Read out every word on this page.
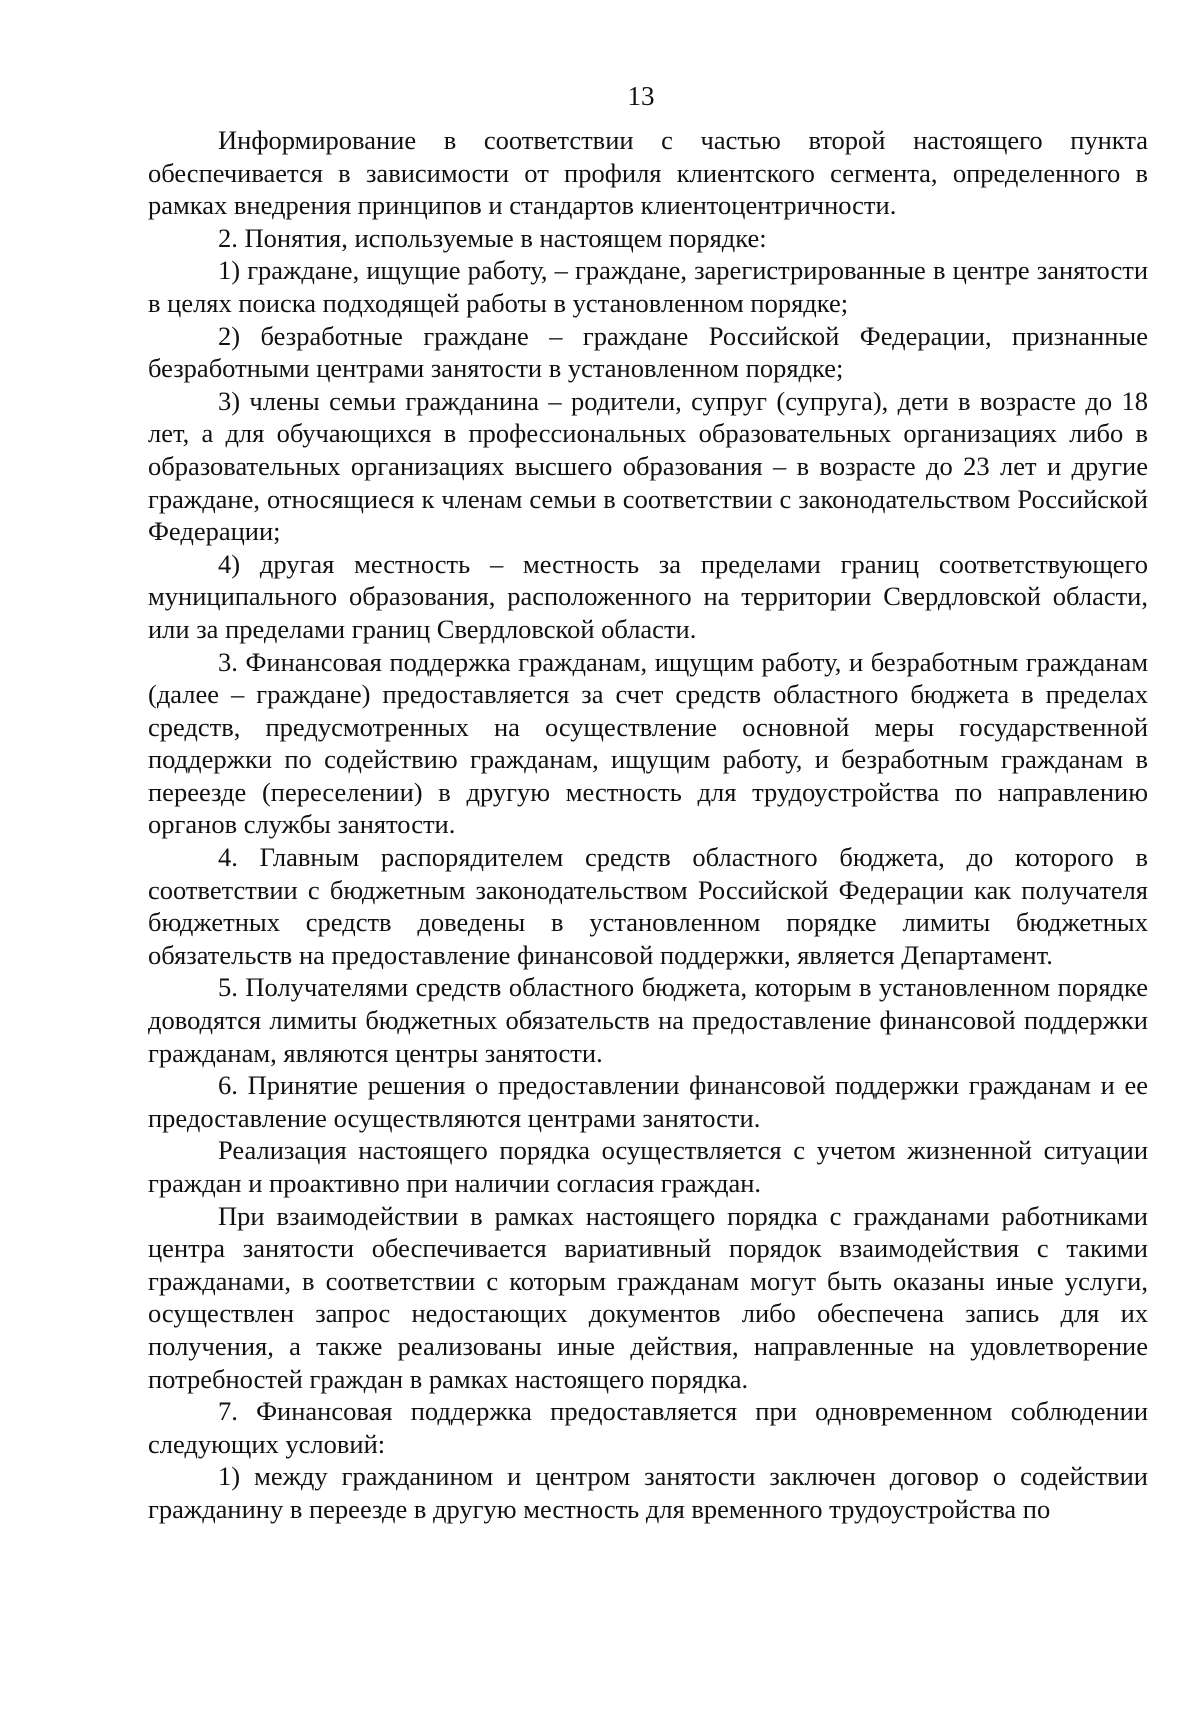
13

Информирование в соответствии с частью второй настоящего пункта обеспечивается в зависимости от профиля клиентского сегмента, определенного в рамках внедрения принципов и стандартов клиентоцентричности.

2. Понятия, используемые в настоящем порядке:

1) граждане, ищущие работу, – граждане, зарегистрированные в центре занятости в целях поиска подходящей работы в установленном порядке;

2) безработные граждане – граждане Российской Федерации, признанные безработными центрами занятости в установленном порядке;

3) члены семьи гражданина – родители, супруг (супруга), дети в возрасте до 18 лет, а для обучающихся в профессиональных образовательных организациях либо в образовательных организациях высшего образования – в возрасте до 23 лет и другие граждане, относящиеся к членам семьи в соответствии с законодательством Российской Федерации;

4) другая местность – местность за пределами границ соответствующего муниципального образования, расположенного на территории Свердловской области, или за пределами границ Свердловской области.

3. Финансовая поддержка гражданам, ищущим работу, и безработным гражданам (далее – граждане) предоставляется за счет средств областного бюджета в пределах средств, предусмотренных на осуществление основной меры государственной поддержки по содействию гражданам, ищущим работу, и безработным гражданам в переезде (переселении) в другую местность для трудоустройства по направлению органов службы занятости.

4. Главным распорядителем средств областного бюджета, до которого в соответствии с бюджетным законодательством Российской Федерации как получателя бюджетных средств доведены в установленном порядке лимиты бюджетных обязательств на предоставление финансовой поддержки, является Департамент.

5. Получателями средств областного бюджета, которым в установленном порядке доводятся лимиты бюджетных обязательств на предоставление финансовой поддержки гражданам, являются центры занятости.

6. Принятие решения о предоставлении финансовой поддержки гражданам и ее предоставление осуществляются центрами занятости.

Реализация настоящего порядка осуществляется с учетом жизненной ситуации граждан и проактивно при наличии согласия граждан.

При взаимодействии в рамках настоящего порядка с гражданами работниками центра занятости обеспечивается вариативный порядок взаимодействия с такими гражданами, в соответствии с которым гражданам могут быть оказаны иные услуги, осуществлен запрос недостающих документов либо обеспечена запись для их получения, а также реализованы иные действия, направленные на удовлетворение потребностей граждан в рамках настоящего порядка.

7. Финансовая поддержка предоставляется при одновременном соблюдении следующих условий:

1) между гражданином и центром занятости заключен договор о содействии гражданину в переезде в другую местность для временного трудоустройства по
